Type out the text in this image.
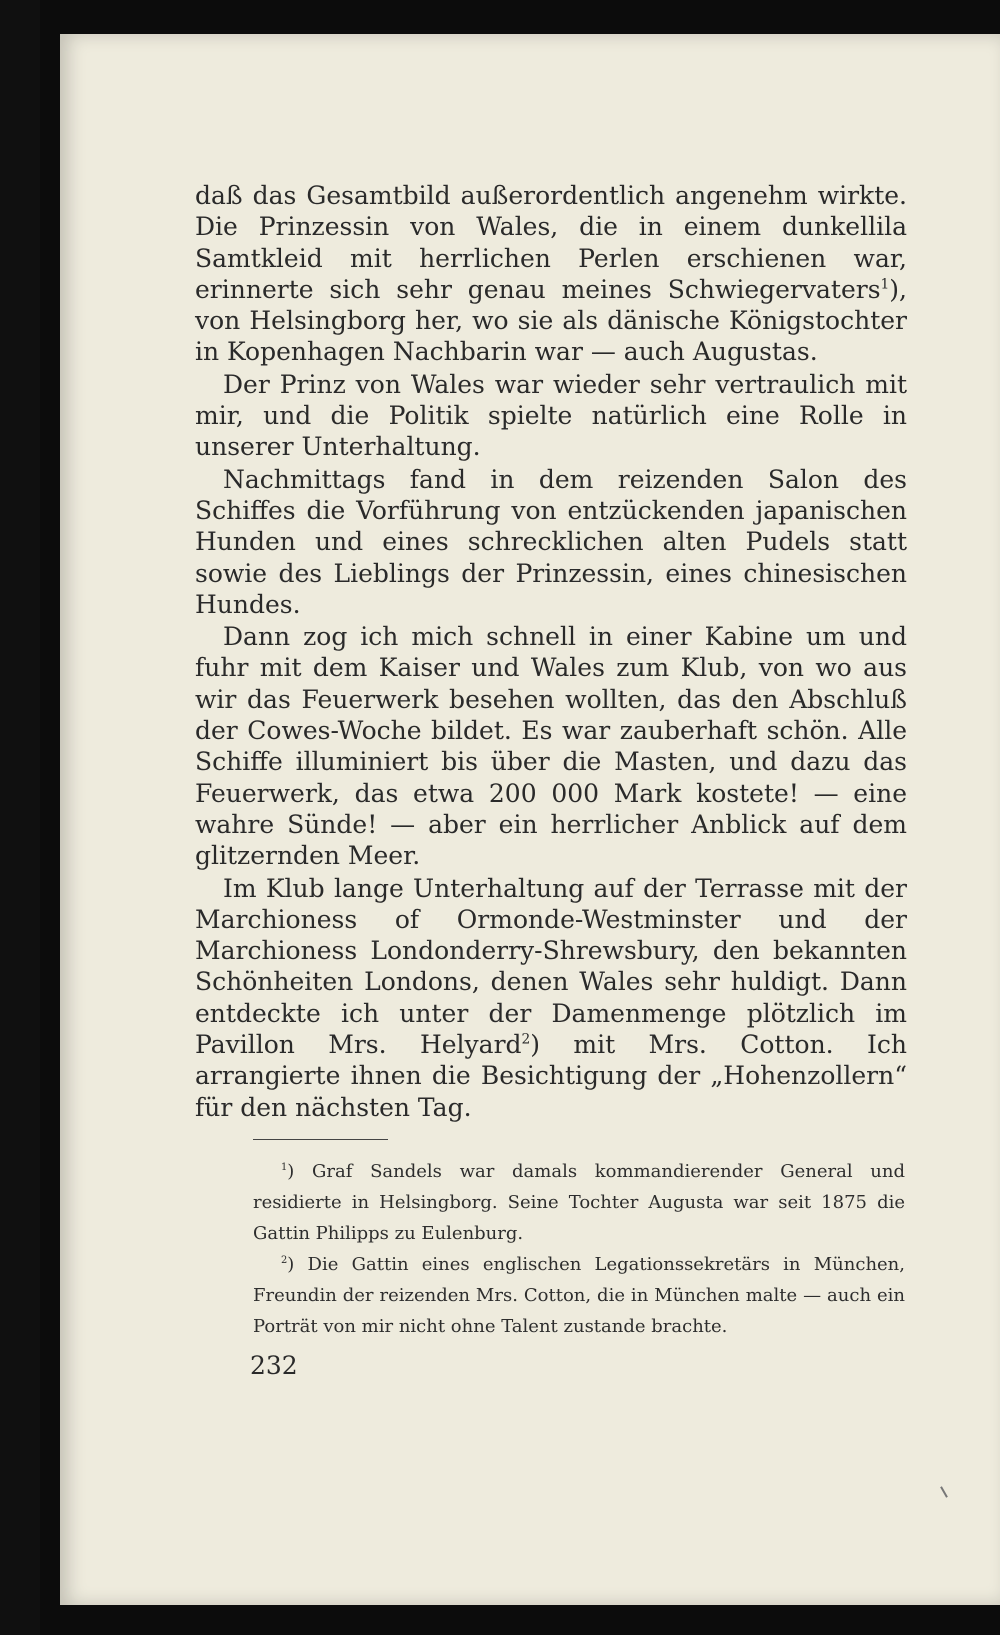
daß das Gesamtbild außerordentlich angenehm wirkte. Die Prinzessin von Wales, die in einem dunkellila Samtkleid mit herrlichen Perlen erschienen war, erinnerte sich sehr genau meines Schwiegervaters$^1$), von Helsingborg her, wo sie als dänische Königstochter in Kopenhagen Nachbarin war — auch Augustas.

Der Prinz von Wales war wieder sehr vertraulich mit mir, und die Politik spielte natürlich eine Rolle in unserer Unterhaltung.

Nachmittags fand in dem reizenden Salon des Schiffes die Vorführung von entzückenden japanischen Hunden und eines schrecklichen alten Pudels statt sowie des Lieblings der Prinzessin, eines chinesischen Hundes.

Dann zog ich mich schnell in einer Kabine um und fuhr mit dem Kaiser und Wales zum Klub, von wo aus wir das Feuerwerk besehen wollten, das den Abschluß der Cowes-Woche bildet. Es war zauberhaft schön. Alle Schiffe illuminiert bis über die Masten, und dazu das Feuerwerk, das etwa 200 000 Mark kostete! — eine wahre Sünde! — aber ein herrlicher Anblick auf dem glitzernden Meer.

Im Klub lange Unterhaltung auf der Terrasse mit der Marchioness of Ormonde-Westminster und der Marchioness Londonderry-Shrewsbury, den bekannten Schönheiten Londons, denen Wales sehr huldigt. Dann entdeckte ich unter der Damenmenge plötzlich im Pavillon Mrs. Helyard$^2$) mit Mrs. Cotton. Ich arrangierte ihnen die Besichtigung der „Hohenzollern“ für den nächsten Tag.

$^1$) Graf Sandels war damals kommandierender General und residierte in Helsingborg. Seine Tochter Augusta war seit 1875 die Gattin Philipps zu Eulenburg.

$^2$) Die Gattin eines englischen Legationssekretärs in München, Freundin der reizenden Mrs. Cotton, die in München malte — auch ein Porträt von mir nicht ohne Talent zustande brachte.

232
